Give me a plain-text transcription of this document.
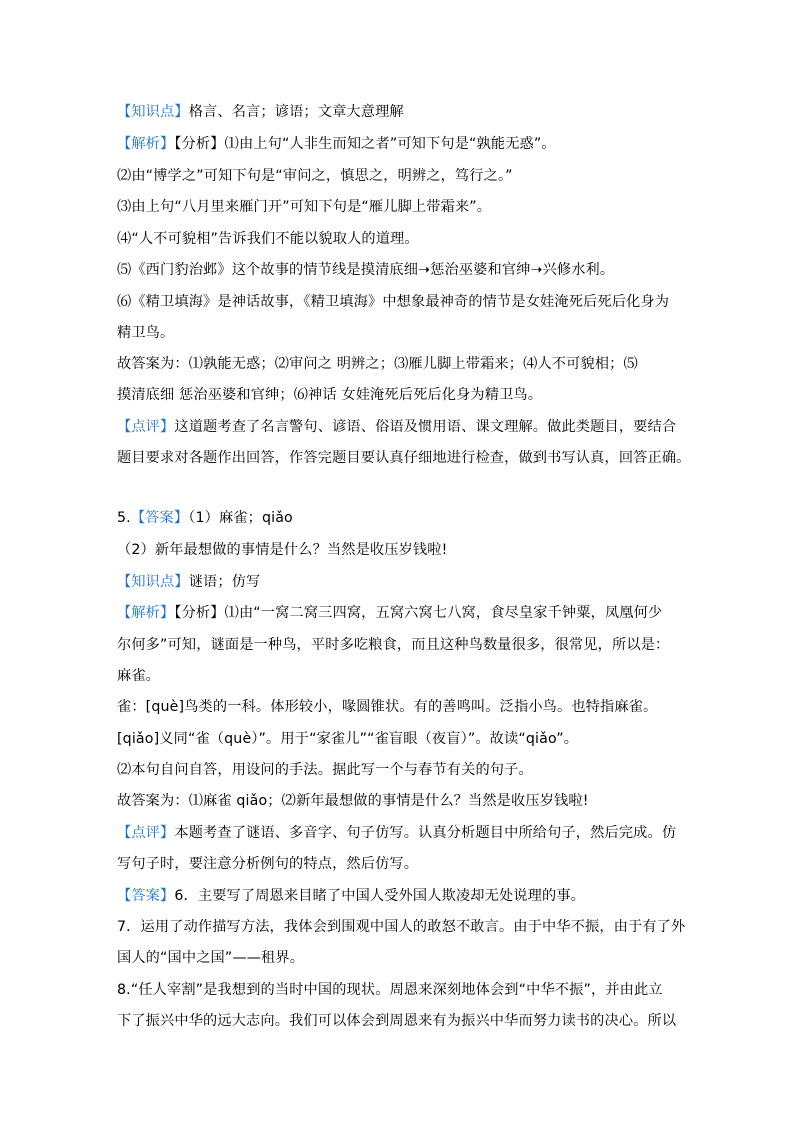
【知识点】格言、名言；谚语；文章大意理解
【解析】【分析】⑴由上句“人非生而知之者”可知下句是“孰能无惑”。
⑵由“博学之”可知下句是“审问之，慎思之，明辨之，笃行之。”
⑶由上句“八月里来雁门开”可知下句是“雁儿脚上带霜来”。
⑷“人不可貌相”告诉我们不能以貌取人的道理。
⑸《西门豹治邺》这个故事的情节线是摸清底细➝惩治巫婆和官绅➝兴修水利。
⑹《精卫填海》是神话故事，《精卫填海》中想象最神奇的情节是女娃淹死后死后化身为
精卫鸟。
故答案为：⑴孰能无惑；⑵审问之 明辨之；⑶雁儿脚上带霜来；⑷人不可貌相；⑸
摸清底细 惩治巫婆和官绅；⑹神话 女娃淹死后死后化身为精卫鸟。
【点评】这道题考查了名言警句、谚语、俗语及惯用语、课文理解。做此类题目，要结合
题目要求对各题作出回答，作答完题目要认真仔细地进行检查，做到书写认真，回答正确。
5.【答案】（1）麻雀；qiǎo
（2）新年最想做的事情是什么？当然是收压岁钱啦!
【知识点】谜语；仿写
【解析】【分析】⑴由“一窝二窝三四窝，五窝六窝七八窝，食尽皇家千钟粟，凤凰何少
尔何多”可知，谜面是一种鸟，平时多吃粮食，而且这种鸟数量很多，很常见，所以是：
麻雀。
雀：[què]鸟类的一科。体形较小，喙圆锥状。有的善鸣叫。泛指小鸟。也特指麻雀。
[qiǎo]义同“雀（què）”。用于“家雀儿”“雀盲眼（夜盲）”。故读“qiǎo”。
⑵本句自问自答，用设问的手法。据此写一个与春节有关的句子。
故答案为：⑴麻雀 qiǎo；⑵新年最想做的事情是什么？当然是收压岁钱啦!
【点评】本题考查了谜语、多音字、句子仿写。认真分析题目中所给句子，然后完成。仿
写句子时，要注意分析例句的特点，然后仿写。
【答案】6．主要写了周恩来目睹了中国人受外国人欺凌却无处说理的事。
7．运用了动作描写方法，我体会到围观中国人的敢怒不敢言。由于中华不振，由于有了外
国人的“国中之国”——租界。
8.“任人宰割”是我想到的当时中国的现状。周恩来深刻地体会到“中华不振”，并由此立
下了振兴中华的远大志向。我们可以体会到周恩来有为振兴中华而努力读书的决心。所以
